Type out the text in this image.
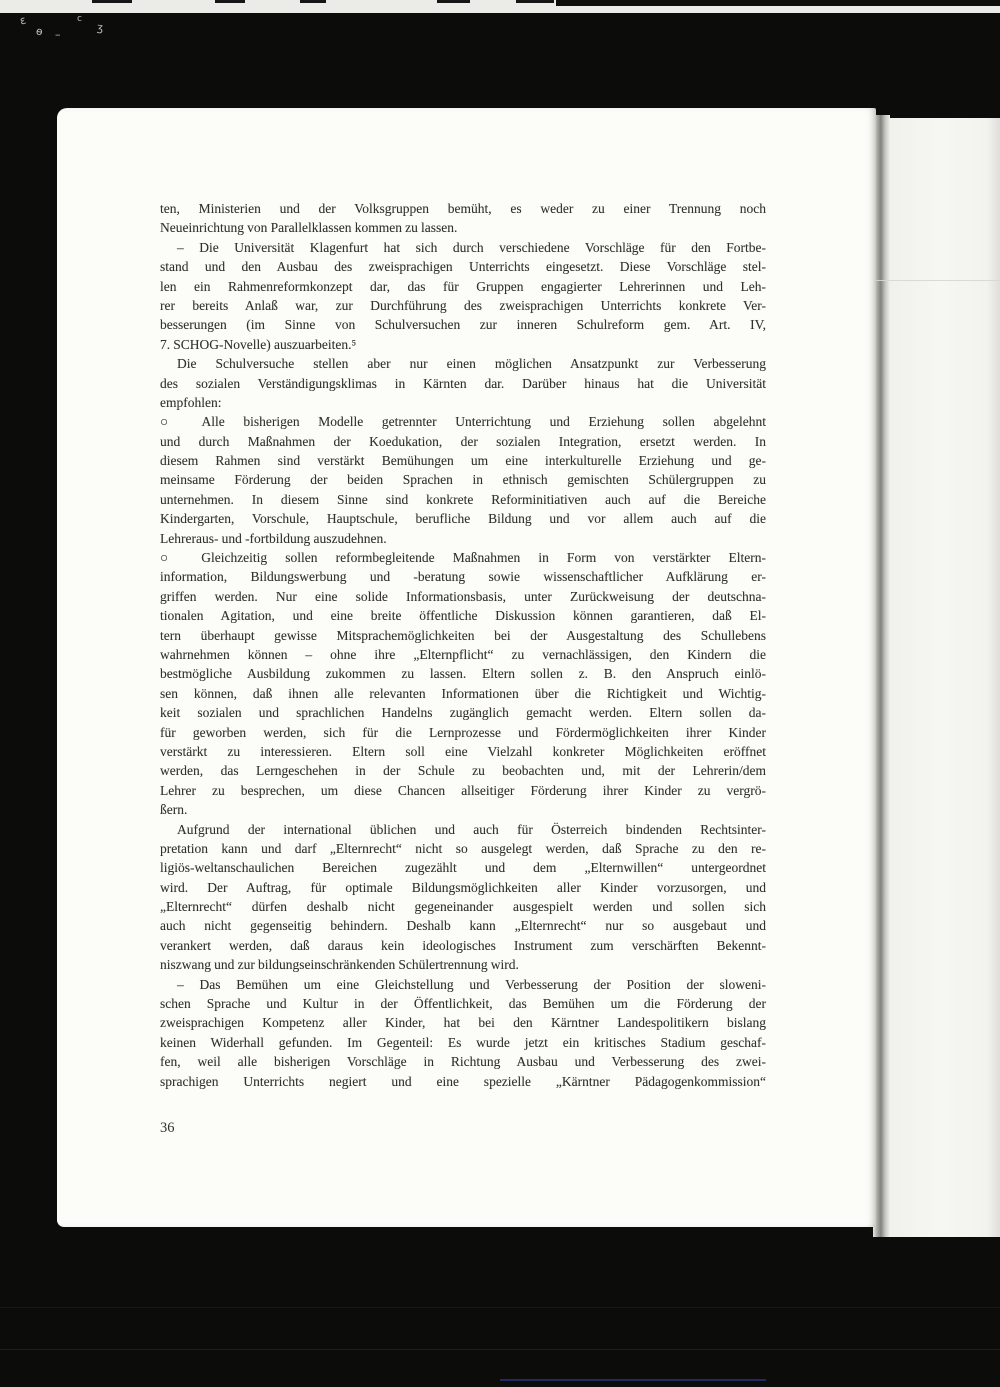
ε
ɵ –
c
ʒ
ten, Ministerien und der Volksgruppen bemüht, es weder zu einer Trennung noch
Neueinrichtung von Parallelklassen kommen zu lassen.
– Die Universität Klagenfurt hat sich durch verschiedene Vorschläge für den Fortbe-
stand und den Ausbau des zweisprachigen Unterrichts eingesetzt. Diese Vorschläge stel-
len ein Rahmenreformkonzept dar, das für Gruppen engagierter Lehrerinnen und Leh-
rer bereits Anlaß war, zur Durchführung des zweisprachigen Unterrichts konkrete Ver-
besserungen (im Sinne von Schulversuchen zur inneren Schulreform gem. Art. IV,
7. SCHOG-Novelle) auszuarbeiten.⁵
Die Schulversuche stellen aber nur einen möglichen Ansatzpunkt zur Verbesserung
des sozialen Verständigungsklimas in Kärnten dar. Darüber hinaus hat die Universität
empfohlen:
○ Alle bisherigen Modelle getrennter Unterrichtung und Erziehung sollen abgelehnt
und durch Maßnahmen der Koedukation, der sozialen Integration, ersetzt werden. In
diesem Rahmen sind verstärkt Bemühungen um eine interkulturelle Erziehung und ge-
meinsame Förderung der beiden Sprachen in ethnisch gemischten Schülergruppen zu
unternehmen. In diesem Sinne sind konkrete Reforminitiativen auch auf die Bereiche
Kindergarten, Vorschule, Hauptschule, berufliche Bildung und vor allem auch auf die
Lehreraus- und -fortbildung auszudehnen.
○ Gleichzeitig sollen reformbegleitende Maßnahmen in Form von verstärkter Eltern-
information, Bildungswerbung und -beratung sowie wissenschaftlicher Aufklärung er-
griffen werden. Nur eine solide Informationsbasis, unter Zurückweisung der deutschna-
tionalen Agitation, und eine breite öffentliche Diskussion können garantieren, daß El-
tern überhaupt gewisse Mitsprachemöglichkeiten bei der Ausgestaltung des Schullebens
wahrnehmen können – ohne ihre „Elternpflicht“ zu vernachlässigen, den Kindern die
bestmögliche Ausbildung zukommen zu lassen. Eltern sollen z. B. den Anspruch einlö-
sen können, daß ihnen alle relevanten Informationen über die Richtigkeit und Wichtig-
keit sozialen und sprachlichen Handelns zugänglich gemacht werden. Eltern sollen da-
für geworben werden, sich für die Lernprozesse und Fördermöglichkeiten ihrer Kinder
verstärkt zu interessieren. Eltern soll eine Vielzahl konkreter Möglichkeiten eröffnet
werden, das Lerngeschehen in der Schule zu beobachten und, mit der Lehrerin/dem
Lehrer zu besprechen, um diese Chancen allseitiger Förderung ihrer Kinder zu vergrö-
ßern.
Aufgrund der international üblichen und auch für Österreich bindenden Rechtsinter-
pretation kann und darf „Elternrecht“ nicht so ausgelegt werden, daß Sprache zu den re-
ligiös-weltanschaulichen Bereichen zugezählt und dem „Elternwillen“ untergeordnet
wird. Der Auftrag, für optimale Bildungsmöglichkeiten aller Kinder vorzusorgen, und
„Elternrecht“ dürfen deshalb nicht gegeneinander ausgespielt werden und sollen sich
auch nicht gegenseitig behindern. Deshalb kann „Elternrecht“ nur so ausgebaut und
verankert werden, daß daraus kein ideologisches Instrument zum verschärften Bekennt-
niszwang und zur bildungseinschränkenden Schülertrennung wird.
– Das Bemühen um eine Gleichstellung und Verbesserung der Position der sloweni-
schen Sprache und Kultur in der Öffentlichkeit, das Bemühen um die Förderung der
zweisprachigen Kompetenz aller Kinder, hat bei den Kärntner Landespolitikern bislang
keinen Widerhall gefunden. Im Gegenteil: Es wurde jetzt ein kritisches Stadium geschaf-
fen, weil alle bisherigen Vorschläge in Richtung Ausbau und Verbesserung des zwei-
sprachigen Unterrichts negiert und eine spezielle „Kärntner Pädagogenkommission“
36
